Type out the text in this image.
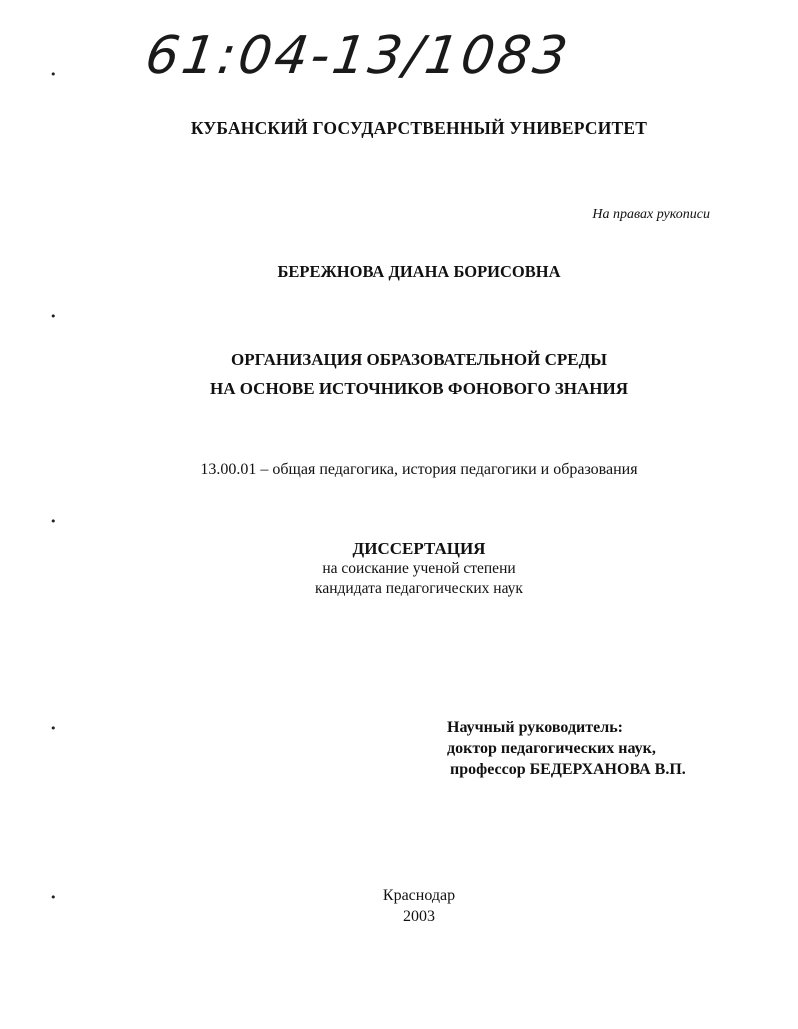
61:04-13/1083
•
•
•
•
•
КУБАНСКИЙ ГОСУДАРСТВЕННЫЙ УНИВЕРСИТЕТ
На правах рукописи
БЕРЕЖНОВА ДИАНА БОРИСОВНА
ОРГАНИЗАЦИЯ ОБРАЗОВАТЕЛЬНОЙ СРЕДЫ
НА ОСНОВЕ ИСТОЧНИКОВ ФОНОВОГО ЗНАНИЯ
13.00.01 – общая педагогика, история педагогики и образования
ДИССЕРТАЦИЯ
на соискание ученой степени
кандидата педагогических наук
Научный руководитель:
доктор педагогических наук,
профессор БЕДЕРХАНОВА В.П.
Краснодар
2003
